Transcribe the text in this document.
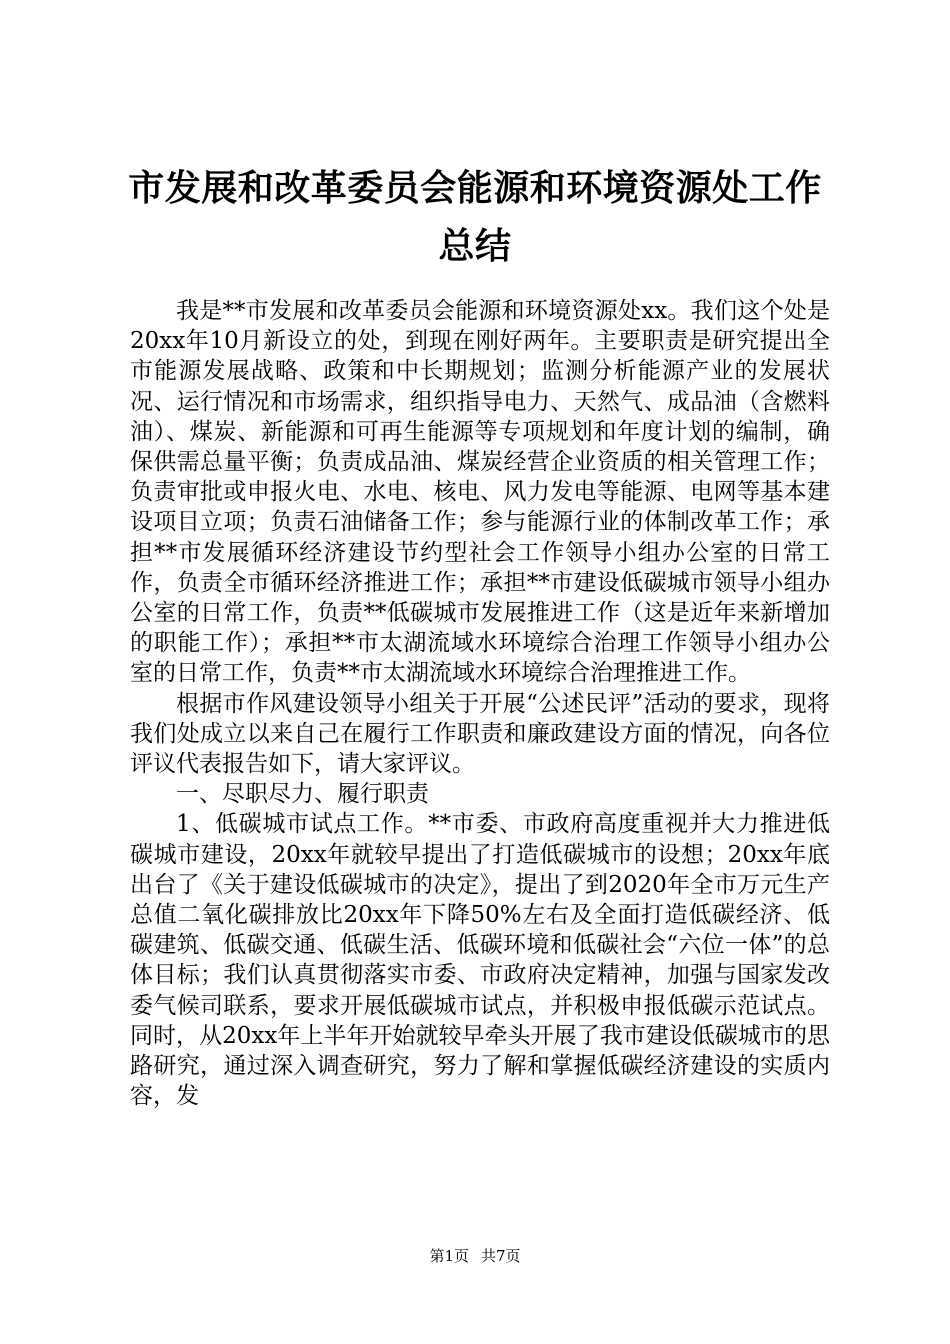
市发展和改革委员会能源和环境资源处工作总结

我是**市发展和改革委员会能源和环境资源处xx。我们这个处是20xx年10月新设立的处，到现在刚好两年。主要职责是研究提出全市能源发展战略、政策和中长期规划；监测分析能源产业的发展状况、运行情况和市场需求，组织指导电力、天然气、成品油（含燃料油）、煤炭、新能源和可再生能源等专项规划和年度计划的编制，确保供需总量平衡；负责成品油、煤炭经营企业资质的相关管理工作；负责审批或申报火电、水电、核电、风力发电等能源、电网等基本建设项目立项；负责石油储备工作；参与能源行业的体制改革工作；承担**市发展循环经济建设节约型社会工作领导小组办公室的日常工作，负责全市循环经济推进工作；承担**市建设低碳城市领导小组办公室的日常工作，负责**低碳城市发展推进工作（这是近年来新增加的职能工作）；承担**市太湖流域水环境综合治理工作领导小组办公室的日常工作，负责**市太湖流域水环境综合治理推进工作。

根据市作风建设领导小组关于开展“公述民评”活动的要求，现将我们处成立以来自己在履行工作职责和廉政建设方面的情况，向各位评议代表报告如下，请大家评议。

一、尽职尽力、履行职责

1、低碳城市试点工作。**市委、市政府高度重视并大力推进低碳城市建设，20xx年就较早提出了打造低碳城市的设想；20xx年底出台了《关于建设低碳城市的决定》，提出了到2020年全市万元生产总值二氧化碳排放比20xx年下降50%左右及全面打造低碳经济、低碳建筑、低碳交通、低碳生活、低碳环境和低碳社会“六位一体”的总体目标；我们认真贯彻落实市委、市政府决定精神，加强与国家发改委气候司联系，要求开展低碳城市试点，并积极申报低碳示范试点。同时，从20xx年上半年开始就较早牵头开展了我市建设低碳城市的思路研究，通过深入调查研究，努力了解和掌握低碳经济建设的实质内容，发

第1页 共7页
